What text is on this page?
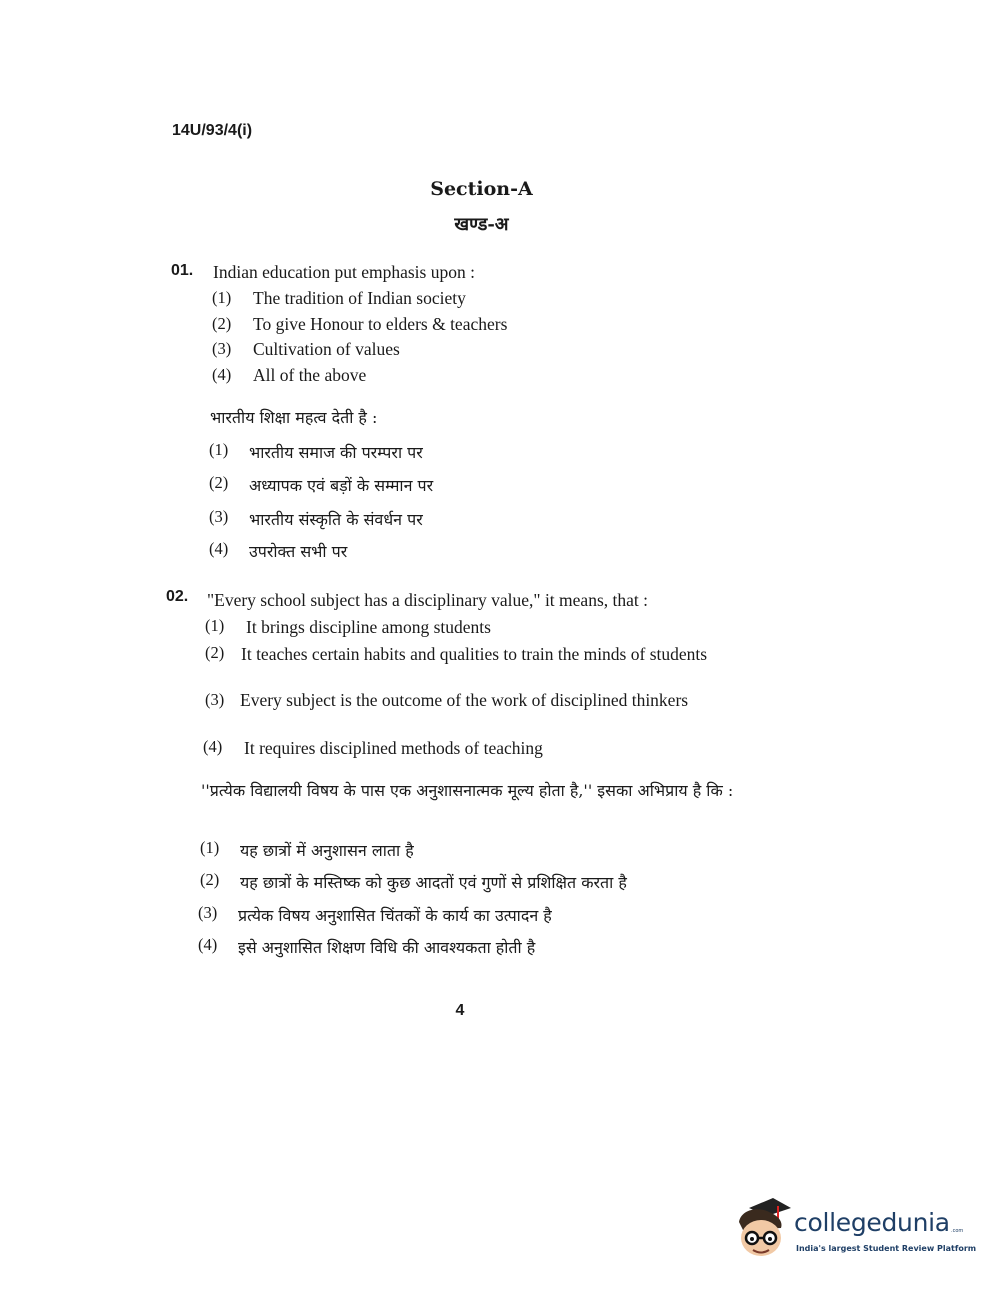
14U/93/4(i)
Section-A
खण्ड-अ
01. Indian education put emphasis upon :
(1) The tradition of Indian society
(2) To give Honour to elders & teachers
(3) Cultivation of values
(4) All of the above
भारतीय शिक्षा महत्व देती है :
(1) भारतीय समाज की परम्परा पर
(2) अध्यापक एवं बड़ों के सम्मान पर
(3) भारतीय संस्कृति के संवर्धन पर
(4) उपरोक्त सभी पर
02. "Every school subject has a disciplinary value," it means, that :
(1) It brings discipline among students
(2) It teaches certain habits and qualities to train the minds of students
(3) Every subject is the outcome of the work of disciplined thinkers
(4) It requires disciplined methods of teaching
''प्रत्येक विद्यालयी विषय के पास एक अनुशासनात्मक मूल्य होता है,'' इसका अभिप्राय है कि :
(1) यह छात्रों में अनुशासन लाता है
(2) यह छात्रों के मस्तिष्क को कुछ आदतों एवं गुणों से प्रशिक्षित करता है
(3) प्रत्येक विषय अनुशासित चिंतकों के कार्य का उत्पादन है
(4) इसे अनुशासित शिक्षण विधि की आवश्यकता होती है
4
collegedunia .com
India's largest Student Review Platform
